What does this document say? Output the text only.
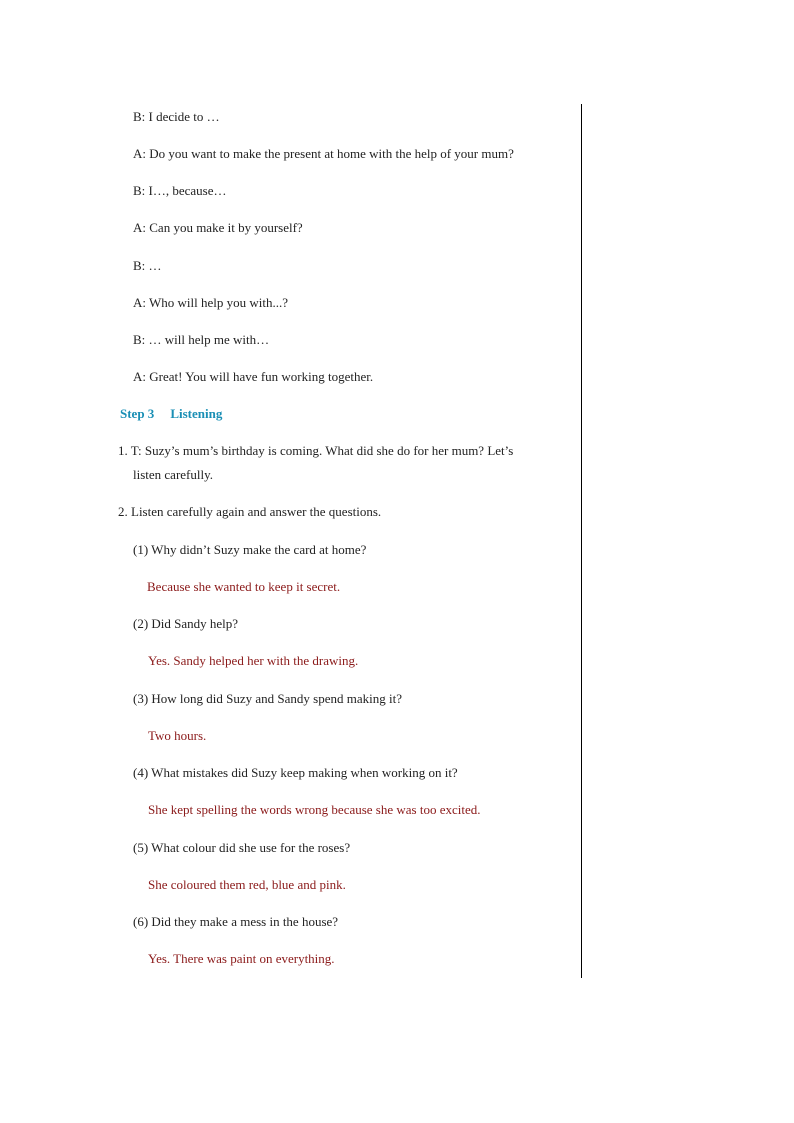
B: I decide to …
A: Do you want to make the present at home with the help of your mum?
B: I…, because…
A: Can you make it by yourself?
B: …
A: Who will help you with...?
B: … will help me with…
A: Great! You will have fun working together.
Step 3 Listening
1. T: Suzy’s mum’s birthday is coming. What did she do for her mum? Let’s
listen carefully.
2. Listen carefully again and answer the questions.
(1) Why didn’t Suzy make the card at home?
Because she wanted to keep it secret.
(2) Did Sandy help?
Yes. Sandy helped her with the drawing.
(3) How long did Suzy and Sandy spend making it?
Two hours.
(4) What mistakes did Suzy keep making when working on it?
She kept spelling the words wrong because she was too excited.
(5) What colour did she use for the roses?
She coloured them red, blue and pink.
(6) Did they make a mess in the house?
Yes. There was paint on everything.
